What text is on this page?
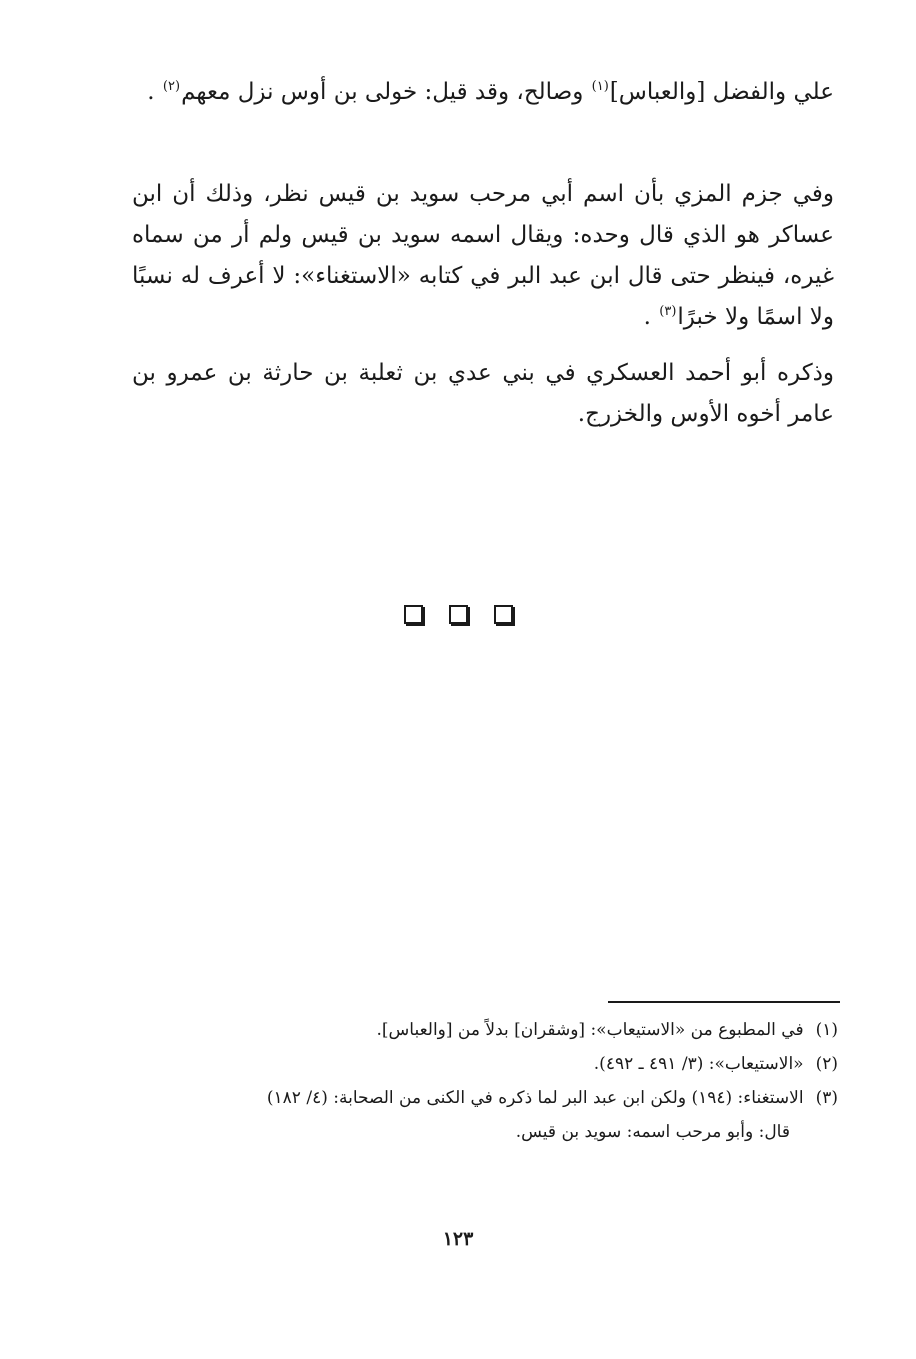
علي والفضل [والعباس]$^{(١)}$ وصالح، وقد قيل: خولى بن أوس نزل معهم$^{(٢)}$ .

وفي جزم المزي بأن اسم أبي مرحب سويد بن قيس نظر، وذلك أن ابن عساكر هو الذي قال وحده: ويقال اسمه سويد بن قيس ولم أر من سماه غيره، فينظر حتى قال ابن عبد البر في كتابه «الاستغناء»: لا أعرف له نسبًا ولا اسمًا ولا خبرًا$^{(٣)}$ .

وذكره أبو أحمد العسكري في بني عدي بن ثعلبة بن حارثة بن عمرو بن عامر أخوه الأوس والخزرج.

(١)في المطبوع من «الاستيعاب»: [وشقران] بدلاً من [والعباس].

(٢)«الاستيعاب»: (٣/ ٤٩١ ـ ٤٩٢).

(٣)الاستغناء: (١٩٤) ولكن ابن عبد البر لما ذكره في الكنى من الصحابة: (٤/ ١٨٢)

قال: وأبو مرحب اسمه: سويد بن قيس.

١٢٣
